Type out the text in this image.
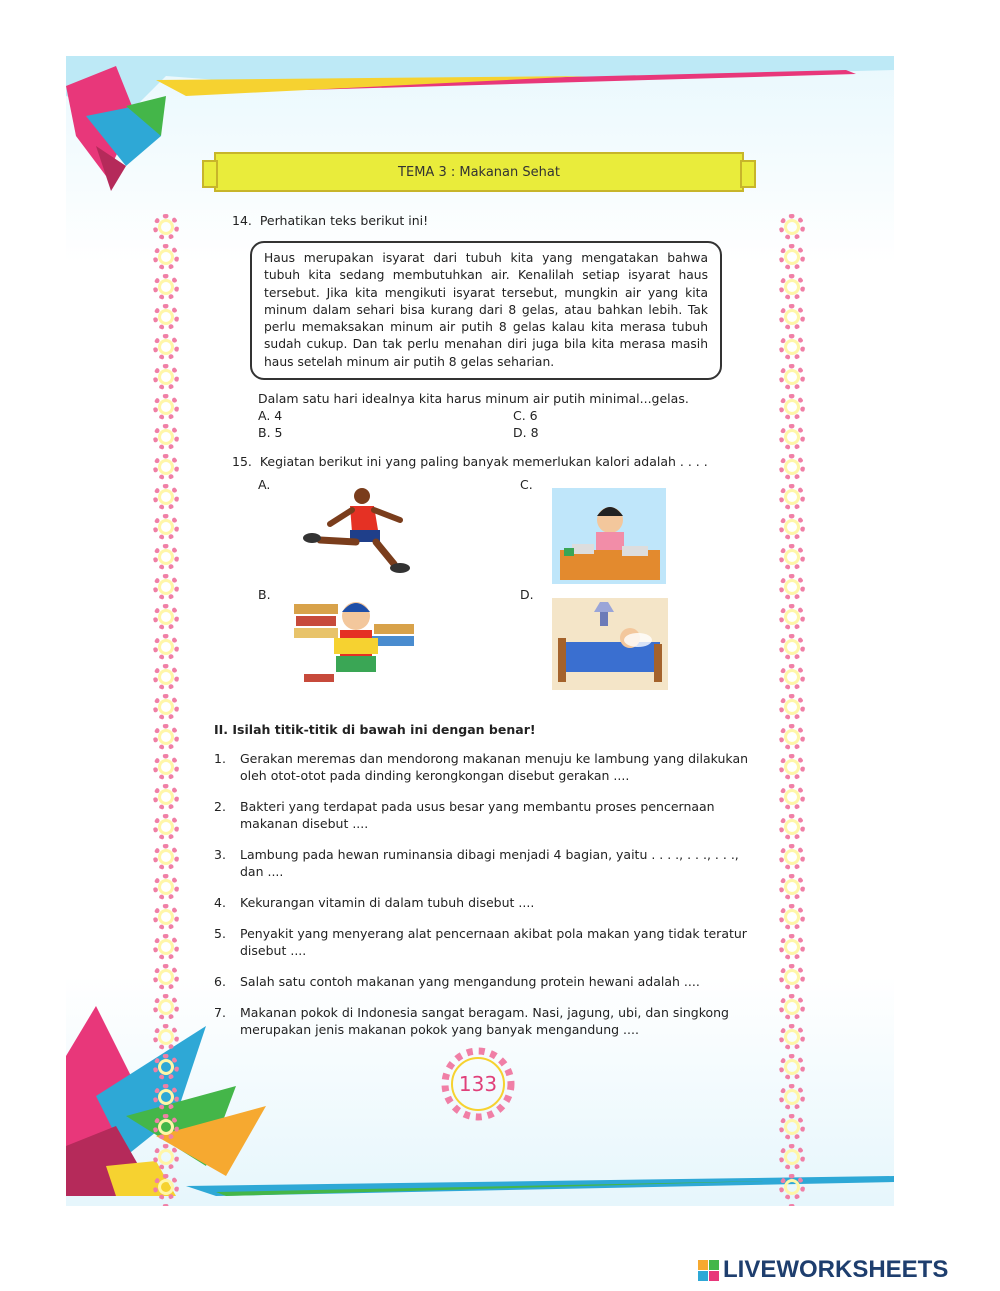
TEMA 3 : Makanan Sehat

14. Perhatikan teks berikut ini!

Haus merupakan isyarat dari tubuh kita yang mengatakan bahwa tubuh kita sedang membutuhkan air. Kenalilah setiap isyarat haus tersebut. Jika kita mengikuti isyarat tersebut, mungkin air yang kita minum dalam sehari bisa kurang dari 8 gelas, atau bahkan lebih. Tak perlu memaksakan minum air putih 8 gelas kalau kita merasa tubuh sudah cukup. Dan tak perlu menahan diri juga bila kita merasa masih haus setelah minum air putih 8 gelas seharian.

Dalam satu hari idealnya kita harus minum air putih minimal...gelas.

A. 4	C. 6
B. 5	D. 8

15. Kegiatan berikut ini yang paling banyak memerlukan kalori adalah . . . .

A.	C.
B.	D.

II. Isilah titik-titik di bawah ini dengan benar!

1.	Gerakan meremas dan mendorong makanan menuju ke lambung yang dilakukan oleh otot-otot pada dinding kerongkongan disebut gerakan ....
2.	Bakteri yang terdapat pada usus besar yang membantu proses pencernaan makanan disebut ....
3.	Lambung pada hewan ruminansia dibagi menjadi 4 bagian, yaitu . . . ., . . ., . . ., dan ....
4.	Kekurangan vitamin di dalam tubuh disebut ....
5.	Penyakit yang menyerang alat pencernaan akibat pola makan yang tidak teratur disebut ....
6.	Salah satu contoh makanan yang mengandung protein hewani adalah ....
7.	Makanan pokok di Indonesia sangat beragam. Nasi, jagung, ubi, dan singkong merupakan jenis makanan pokok yang banyak mengandung ....
133
LIVEWORKSHEETS
